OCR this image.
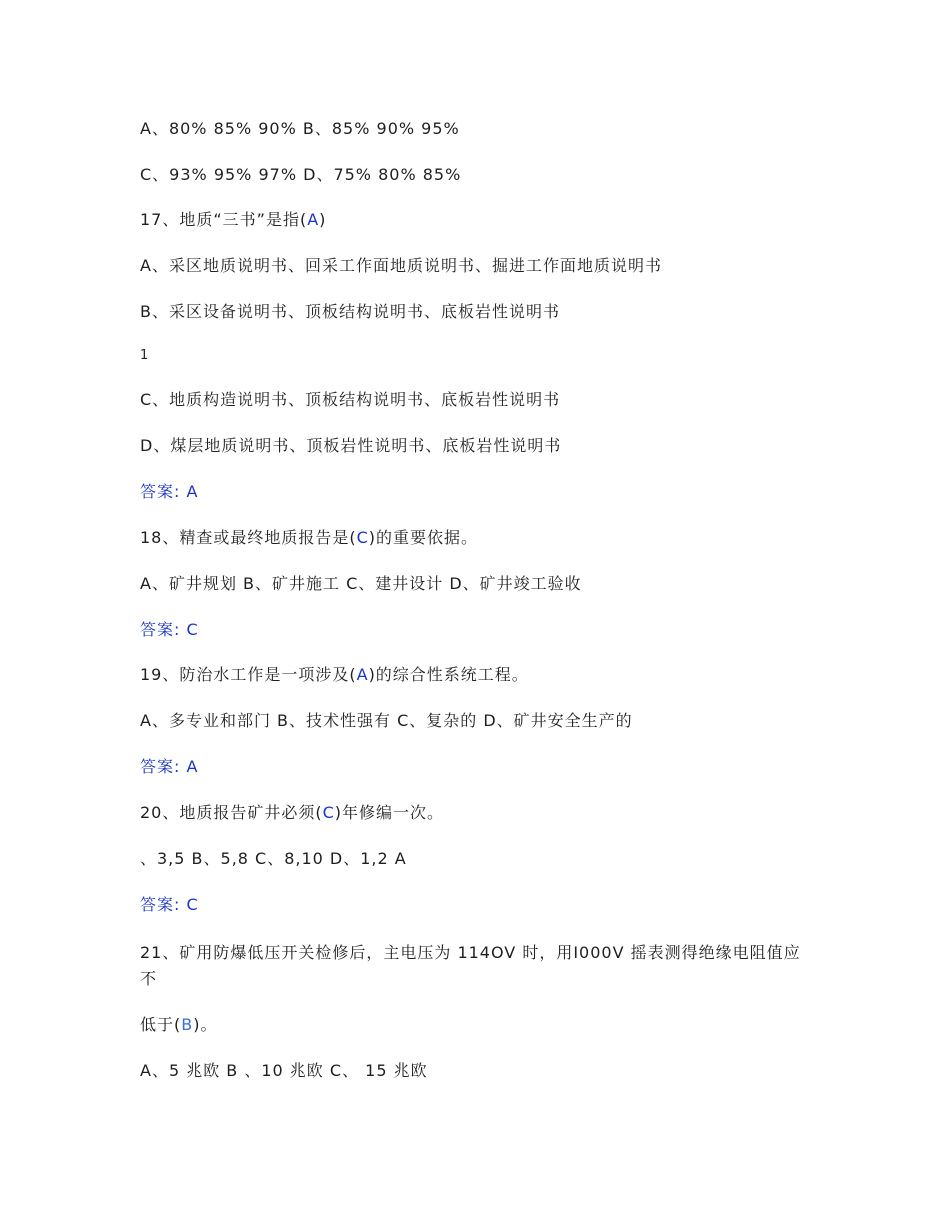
A、80% 85% 90% B、85% 90% 95%
C、93% 95% 97% D、75% 80% 85%
17、地质“三书”是指(A)
A、采区地质说明书、回采工作面地质说明书、掘进工作面地质说明书
B、采区设备说明书、顶板结构说明书、底板岩性说明书
1
C、地质构造说明书、顶板结构说明书、底板岩性说明书
D、煤层地质说明书、顶板岩性说明书、底板岩性说明书
答案: A
18、精查或最终地质报告是(C)的重要依据。
A、矿井规划 B、矿井施工 C、建井设计 D、矿井竣工验收
答案: C
19、防治水工作是一项涉及(A)的综合性系统工程。
A、多专业和部门 B、技术性强有 C、复杂的 D、矿井安全生产的
答案: A
20、地质报告矿井必须(C)年修编一次。
、3,5 B、5,8 C、8,10 D、1,2 A
答案: C
21、矿用防爆低压开关检修后，主电压为 114OV 时，用I000V 摇表测得绝缘电阻值应不
低于(B)。
A、5 兆欧 B 、10 兆欧 C、 15 兆欧
